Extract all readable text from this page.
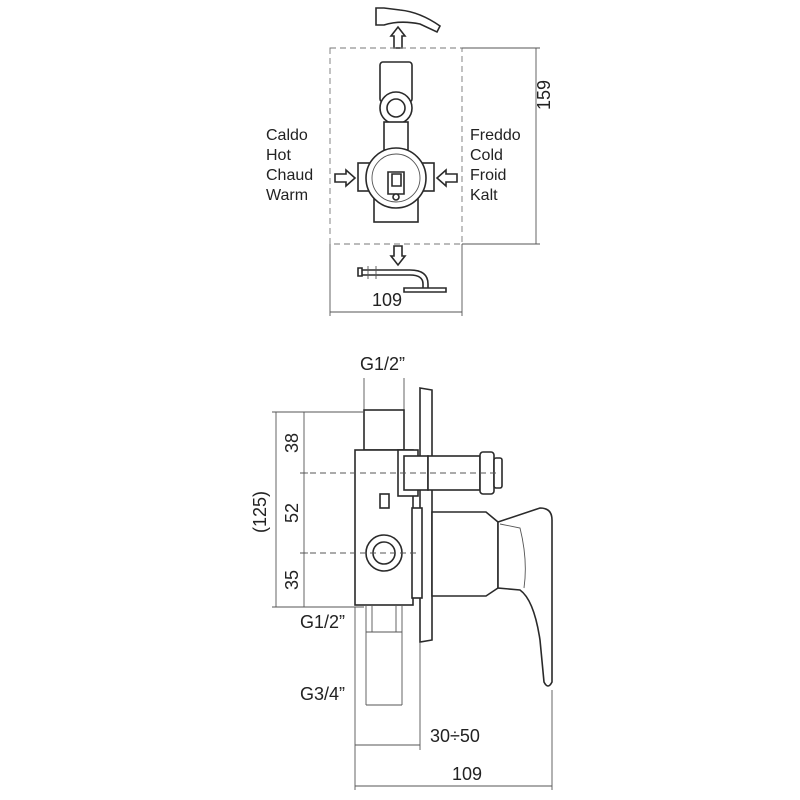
159
Caldo
Hot
Chaud
Warm
Freddo
Cold
Froid
Kalt
109
G1/2”
(125)
38
52
35
G1/2”
G3/4”
30÷50
109
